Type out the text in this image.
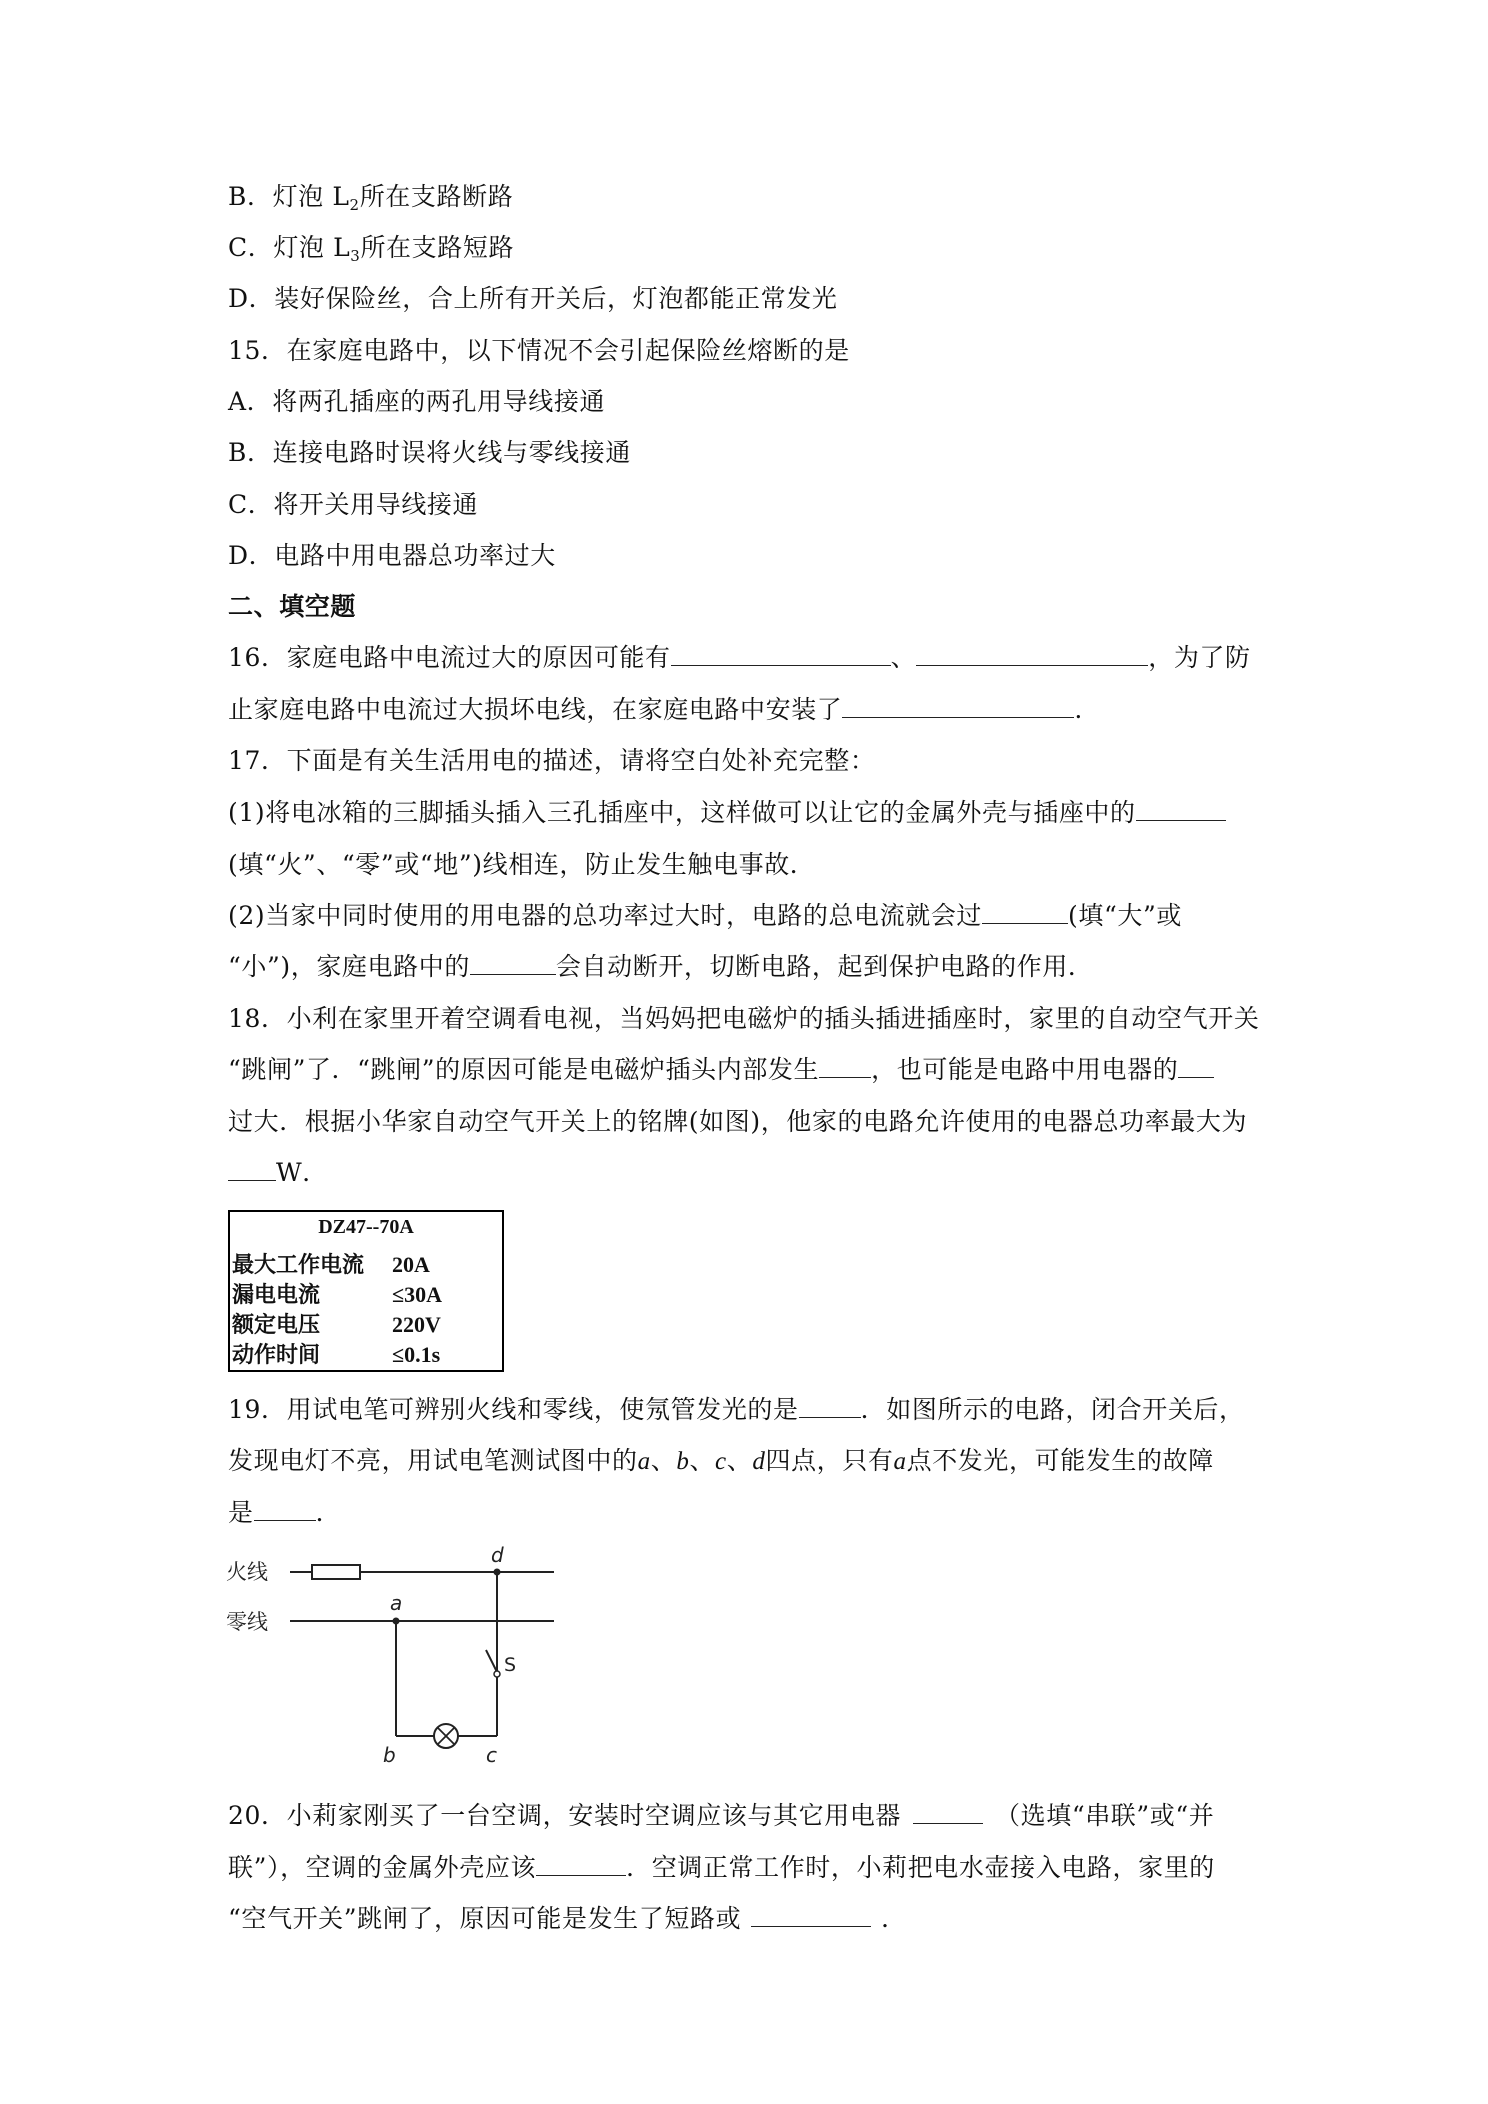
B．灯泡 $L_2$所在支路断路
C．灯泡 $L_3$所在支路短路
D．装好保险丝，合上所有开关后，灯泡都能正常发光
15．在家庭电路中，以下情况不会引起保险丝熔断的是
A．将两孔插座的两孔用导线接通
B．连接电路时误将火线与零线接通
C．将开关用导线接通
D．电路中用电器总功率过大
二、填空题
16．家庭电路中电流过大的原因可能有	、	，为了防
止家庭电路中电流过大损坏电线，在家庭电路中安装了	.
17．下面是有关生活用电的描述，请将空白处补充完整：
(1)将电冰箱的三脚插头插入三孔插座中，这样做可以让它的金属外壳与插座中的
(填“火”、“零”或“地”)线相连，防止发生触电事故．
(2)当家中同时使用的用电器的总功率过大时，电路的总电流就会过	(填“大”或
“小”)，家庭电路中的	会自动断开，切断电路，起到保护电路的作用．
18．小利在家里开着空调看电视，当妈妈把电磁炉的插头插进插座时，家里的自动空气开关
“跳闸”了．“跳闸”的原因可能是电磁炉插头内部发生 ，也可能是电路中用电器的
过大．根据小华家自动空气开关上的铭牌(如图)，他家的电路允许使用的电器总功率最大为
W．
DZ47--70A
最大工作电流 20A
漏电电流	≤30A
额定电压	220V
动作时间	≤0.1s
19．用试电笔可辨别火线和零线，使氖管发光的是 ．如图所示的电路，闭合开关后，
发现电灯不亮，用试电笔测试图中的a、b、c、d四点，只有a点不发光，可能发生的故障
是 ．
火线
零线
S
a
b	c
d
20．小莉家刚买了一台空调，安装时空调应该与其它用电器	（选填“串联”或“并
联”），空调的金属外壳应该	．空调正常工作时，小莉把电水壶接入电路，家里的
“空气开关”跳闸了，原因可能是发生了短路或	．
